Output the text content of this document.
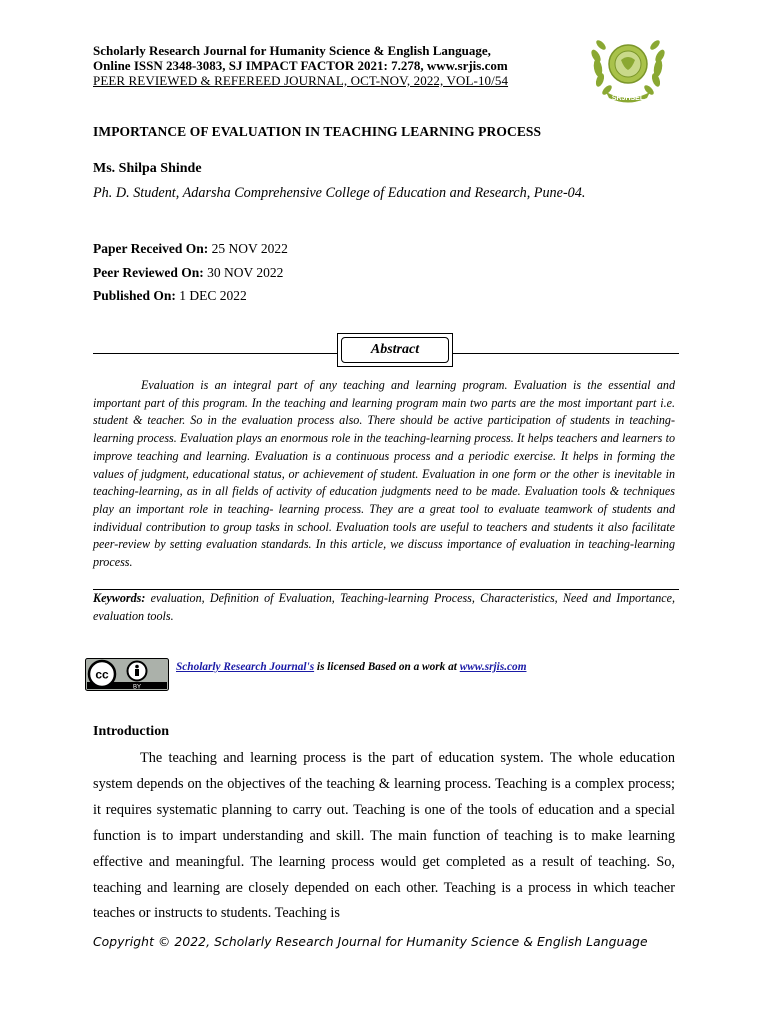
Scholarly Research Journal for Humanity Science & English Language,
Online ISSN 2348-3083, SJ IMPACT FACTOR 2021: 7.278, www.srjis.com
PEER REVIEWED & REFEREED JOURNAL, OCT-NOV, 2022, VOL-10/54
SRJHSEL
IMPORTANCE OF EVALUATION IN TEACHING LEARNING PROCESS
Ms. Shilpa Shinde
Ph. D. Student, Adarsha Comprehensive College of Education and Research, Pune-04.
Paper Received On: 25 NOV 2022
Peer Reviewed On: 30 NOV 2022
Published On: 1 DEC 2022
Abstract

Evaluation is an integral part of any teaching and learning program. Evaluation is the essential and important part of this program. In the teaching and learning program main two parts are the most important part i.e. student & teacher. So in the evaluation process also. There should be active participation of students in teaching- learning process. Evaluation plays an enormous role in the teaching-learning process. It helps teachers and learners to improve teaching and learning. Evaluation is a continuous process and a periodic exercise. It helps in forming the values of judgment, educational status, or achievement of student. Evaluation in one form or the other is inevitable in teaching-learning, as in all fields of activity of education judgments need to be made. Evaluation tools & techniques play an important role in teaching- learning process. They are a great tool to evaluate teamwork of students and individual contribution to group tasks in school. Evaluation tools are useful to teachers and students it also facilitate peer-review by setting evaluation standards. In this article, we discuss importance of evaluation in teaching-learning process.

Keywords: evaluation, Definition of Evaluation, Teaching-learning Process, Characteristics, Need and Importance, evaluation tools.

cc
BY
Scholarly Research Journal's is licensed Based on a work at www.srjis.com
Introduction

The teaching and learning process is the part of education system. The whole education system depends on the objectives of the teaching & learning process. Teaching is a complex process; it requires systematic planning to carry out. Teaching is one of the tools of education and a special function is to impart understanding and skill. The main function of teaching is to make learning effective and meaningful. The learning process would get completed as a result of teaching. So, teaching and learning are closely depended on each other. Teaching is a process in which teacher teaches or instructs to students. Teaching is

Copyright © 2022, Scholarly Research Journal for Humanity Science & English Language
